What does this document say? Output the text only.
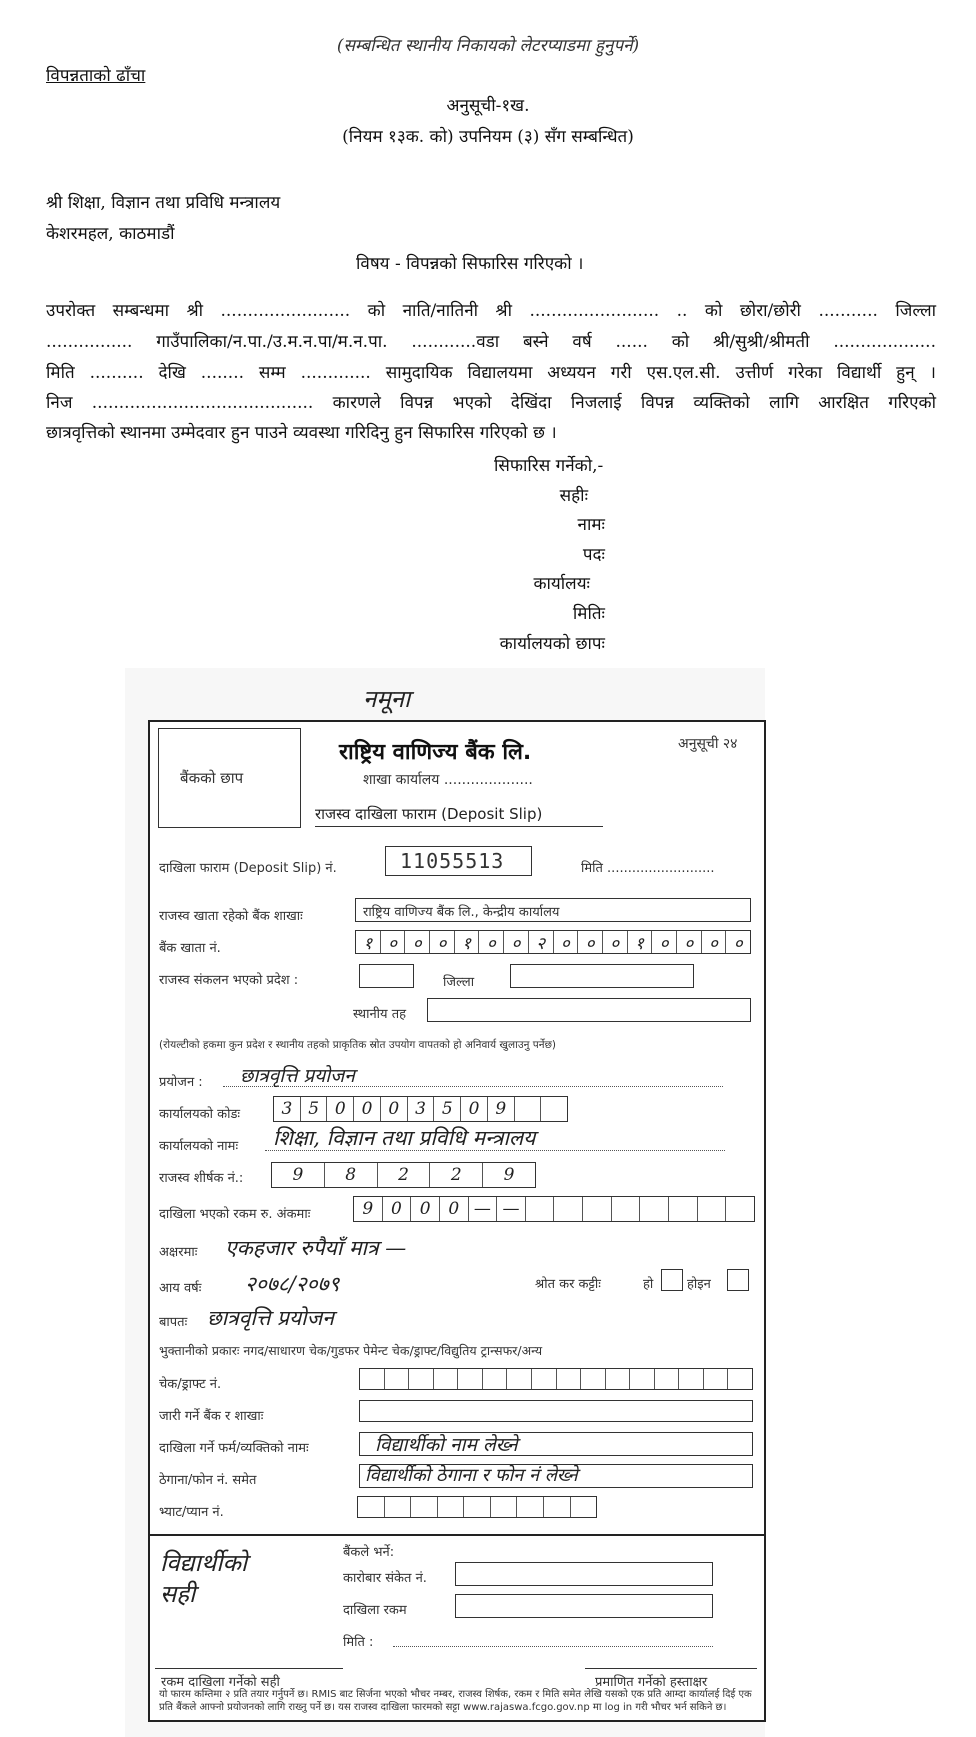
(सम्बन्धित स्थानीय निकायको लेटरप्याडमा हुनुपर्ने)
विपन्नताको ढाँचा
अनुसूची-१ख.
(नियम १३क. को) उपनियम (३) सँग सम्बन्धित)
श्री शिक्षा, विज्ञान तथा प्रविधि मन्त्रालय
केशरमहल, काठमाडौं
विषय - विपन्नको सिफारिस गरिएको ।
उपरोक्त सम्बन्धमा श्री ........................ को नाति/नातिनी श्री ........................ .. को छोरा/छोरी ........... जिल्ला
................ गाउँपालिका/न.पा./उ.म.न.पा/म.न.पा. ............वडा बस्ने वर्ष ...... को श्री/सुश्री/श्रीमती ...................
मिति .......... देखि ........ सम्म ............. सामुदायिक विद्यालयमा अध्ययन गरी एस.एल.सी. उत्तीर्ण गरेका विद्यार्थी हुन् ।
निज ......................................... कारणले विपन्न भएको देखिंदा निजलाई विपन्न व्यक्तिको लागि आरक्षित गरिएको
छात्रवृत्तिको स्थानमा उम्मेदवार हुन पाउने व्यवस्था गरिदिनु हुन सिफारिस गरिएको छ ।
सिफारिस गर्नेको,-
सहीः
नामः
पदः
कार्यालयः
मितिः
कार्यालयको छापः
नमूना
बैंकको छाप
राष्ट्रिय वाणिज्य बैंक लि.	अनुसूची २४
शाखा कार्यालय ....................
राजस्व दाखिला फाराम (Deposit Slip)
दाखिला फाराम (Deposit Slip) नं.	11055513	मिति ..........................
राजस्व खाता रहेको बैंक शाखाः	राष्ट्रिय वाणिज्य बैंक लि., केन्द्रीय कार्यालय
बैंक खाता नं.	१ ० ० ० १ ० ० २ ० ० ० १ ० ० ० ०
राजस्व संकलन भएको प्रदेश :	जिल्ला
स्थानीय तह
(रोयल्टीको हकमा कुन प्रदेश र स्थानीय तहको प्राकृतिक स्रोत उपयोग वापतको हो अनिवार्य खुलाउनु पर्नेछ)
प्रयोजन : छात्रवृत्ति प्रयोजन
कार्यालयको कोडः	3 5 0 0 0 3 5 0 9
कार्यालयको नामः शिक्षा, विज्ञान तथा प्रविधि मन्त्रालय
राजस्व शीर्षक नं.:	9	8	2	2	9
दाखिला भएको रकम रु. अंकमाः	9	0	0	0 — —
अक्षरमाः एकहजार रुपैयाँ मात्र —
आय वर्षः २०७८/२०७९	श्रोत कर कट्टीः	हो	होइन
बापतः छात्रवृत्ति प्रयोजन
भुक्तानीको प्रकारः नगद/साधारण चेक/गुडफर पेमेन्ट चेक/ड्राफ्ट/विद्युतिय ट्रान्सफर/अन्य
चेक/ड्राफ्ट नं.
जारी गर्ने बैंक र शाखाः
दाखिला गर्ने फर्म/व्यक्तिको नामः	विद्यार्थीको नाम लेख्ने
ठेगाना/फोन नं. समेत	विद्यार्थीको ठेगाना र फोन नं लेख्ने
भ्याट/प्यान नं.
विद्यार्थीको सही
बैंकले भर्ने:
कारोबार संकेत नं.
दाखिला रकम
मिति :
रकम दाखिला गर्नेको सही	प्रमाणित गर्नेको हस्ताक्षर
यो फारम कम्तिमा २ प्रति तयार गर्नुपर्ने छ। RMIS बाट सिर्जना भएको भौचर नम्बर, राजस्व शिर्षक, रकम र मिति समेत लेखि यसको एक प्रति आम्दा कार्यालई दिई एक प्रति बैंकले आफ्नो प्रयोजनको लागि राख्नु पर्ने छ। यस राजस्व दाखिला फारमको सट्टा www.rajaswa.fcgo.gov.np मा log in गरी भौचर भर्न सकिने छ।
